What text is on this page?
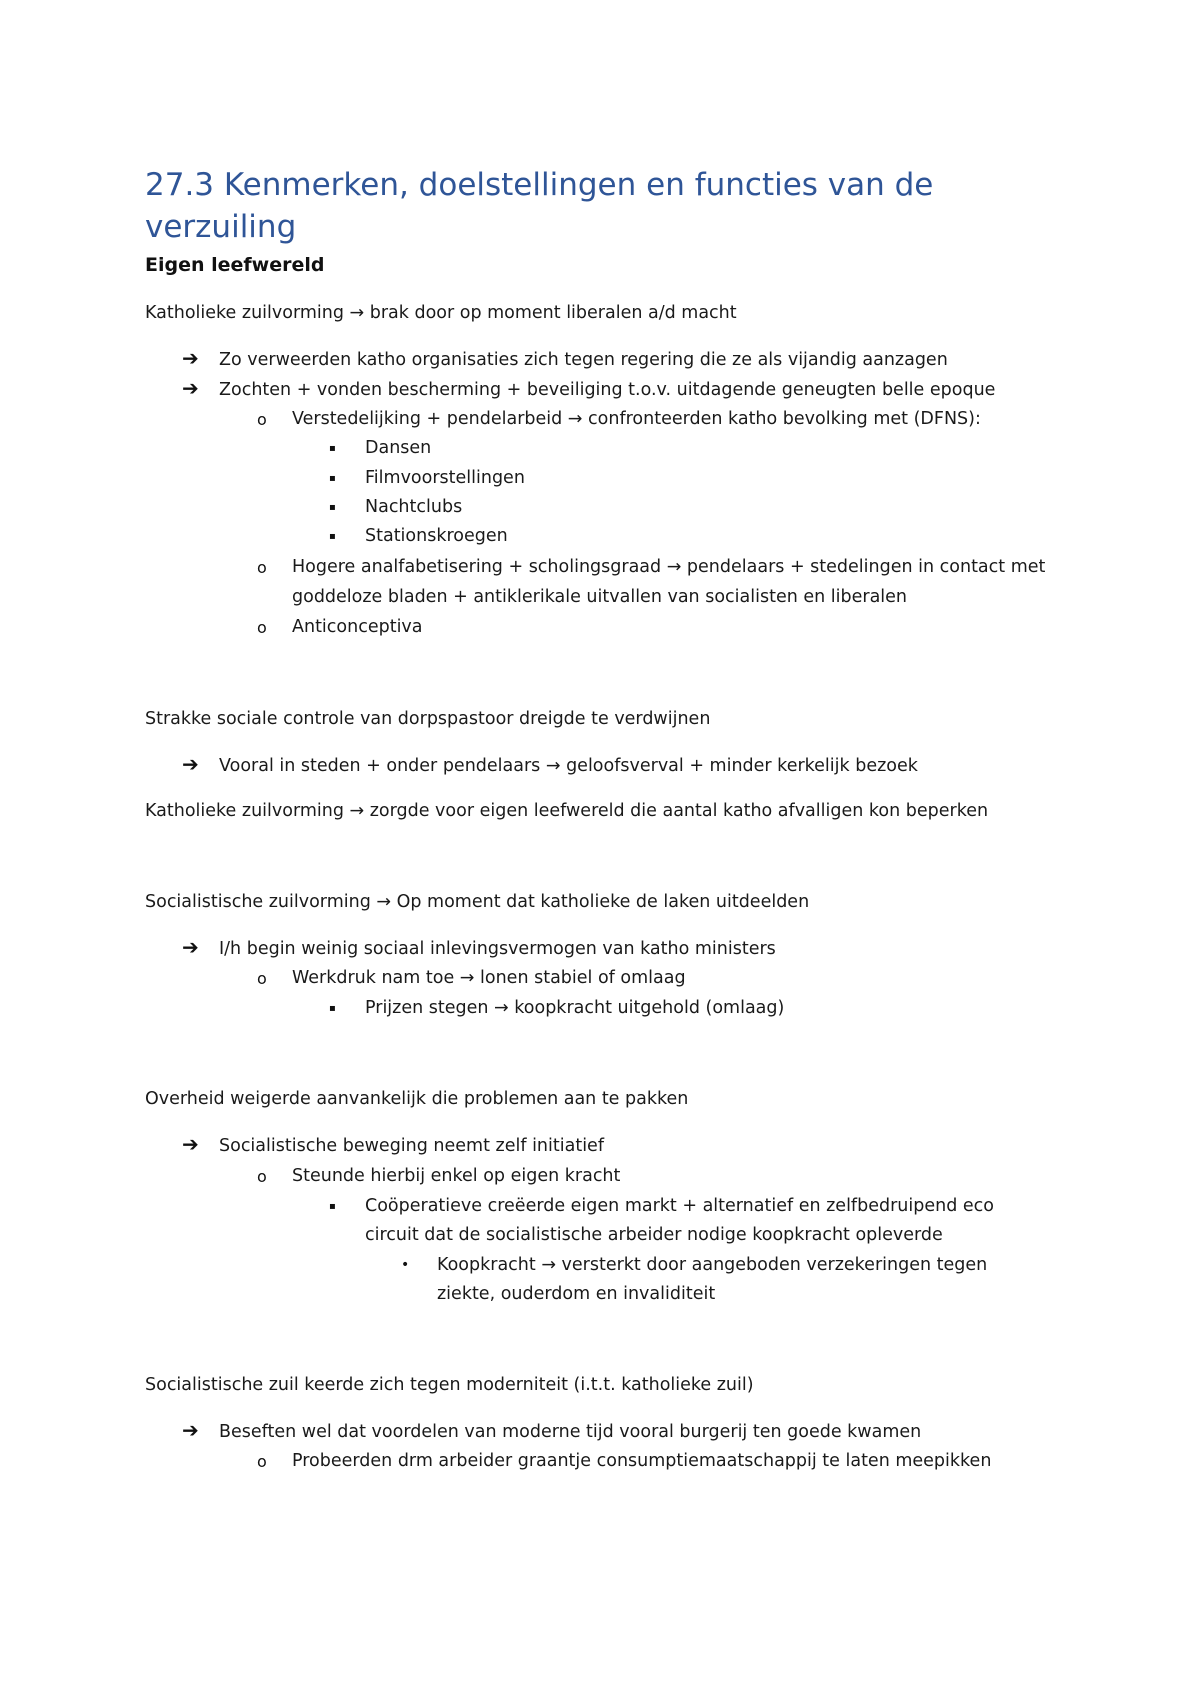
27.3 Kenmerken, doelstellingen en functies van de verzuiling
Eigen leefwereld
Katholieke zuilvorming → brak door op moment liberalen a/d macht
➔ Zo verweerden katho organisaties zich tegen regering die ze als vijandig aanzagen
➔ Zochten + vonden bescherming + beveiliging t.o.v. uitdagende geneugten belle epoque
o Verstedelijking + pendelarbeid → confronteerden katho bevolking met (DFNS):
▪ Dansen
▪ Filmvoorstellingen
▪ Nachtclubs
▪ Stationskroegen
o Hogere analfabetisering + scholingsgraad → pendelaars + stedelingen in contact met
goddeloze bladen + antiklerikale uitvallen van socialisten en liberalen
o Anticonceptiva
Strakke sociale controle van dorpspastoor dreigde te verdwijnen
➔ Vooral in steden + onder pendelaars → geloofsverval + minder kerkelijk bezoek
Katholieke zuilvorming → zorgde voor eigen leefwereld die aantal katho afvalligen kon beperken
Socialistische zuilvorming → Op moment dat katholieke de laken uitdeelden
➔ I/h begin weinig sociaal inlevingsvermogen van katho ministers
o Werkdruk nam toe → lonen stabiel of omlaag
▪ Prijzen stegen → koopkracht uitgehold (omlaag)
Overheid weigerde aanvankelijk die problemen aan te pakken
➔ Socialistische beweging neemt zelf initiatief
o Steunde hierbij enkel op eigen kracht
▪ Coöperatieve creëerde eigen markt + alternatief en zelfbedruipend eco
circuit dat de socialistische arbeider nodige koopkracht opleverde
• Koopkracht → versterkt door aangeboden verzekeringen tegen
ziekte, ouderdom en invaliditeit
Socialistische zuil keerde zich tegen moderniteit (i.t.t. katholieke zuil)
➔ Beseften wel dat voordelen van moderne tijd vooral burgerij ten goede kwamen
o Probeerden drm arbeider graantje consumptiemaatschappij te laten meepikken
